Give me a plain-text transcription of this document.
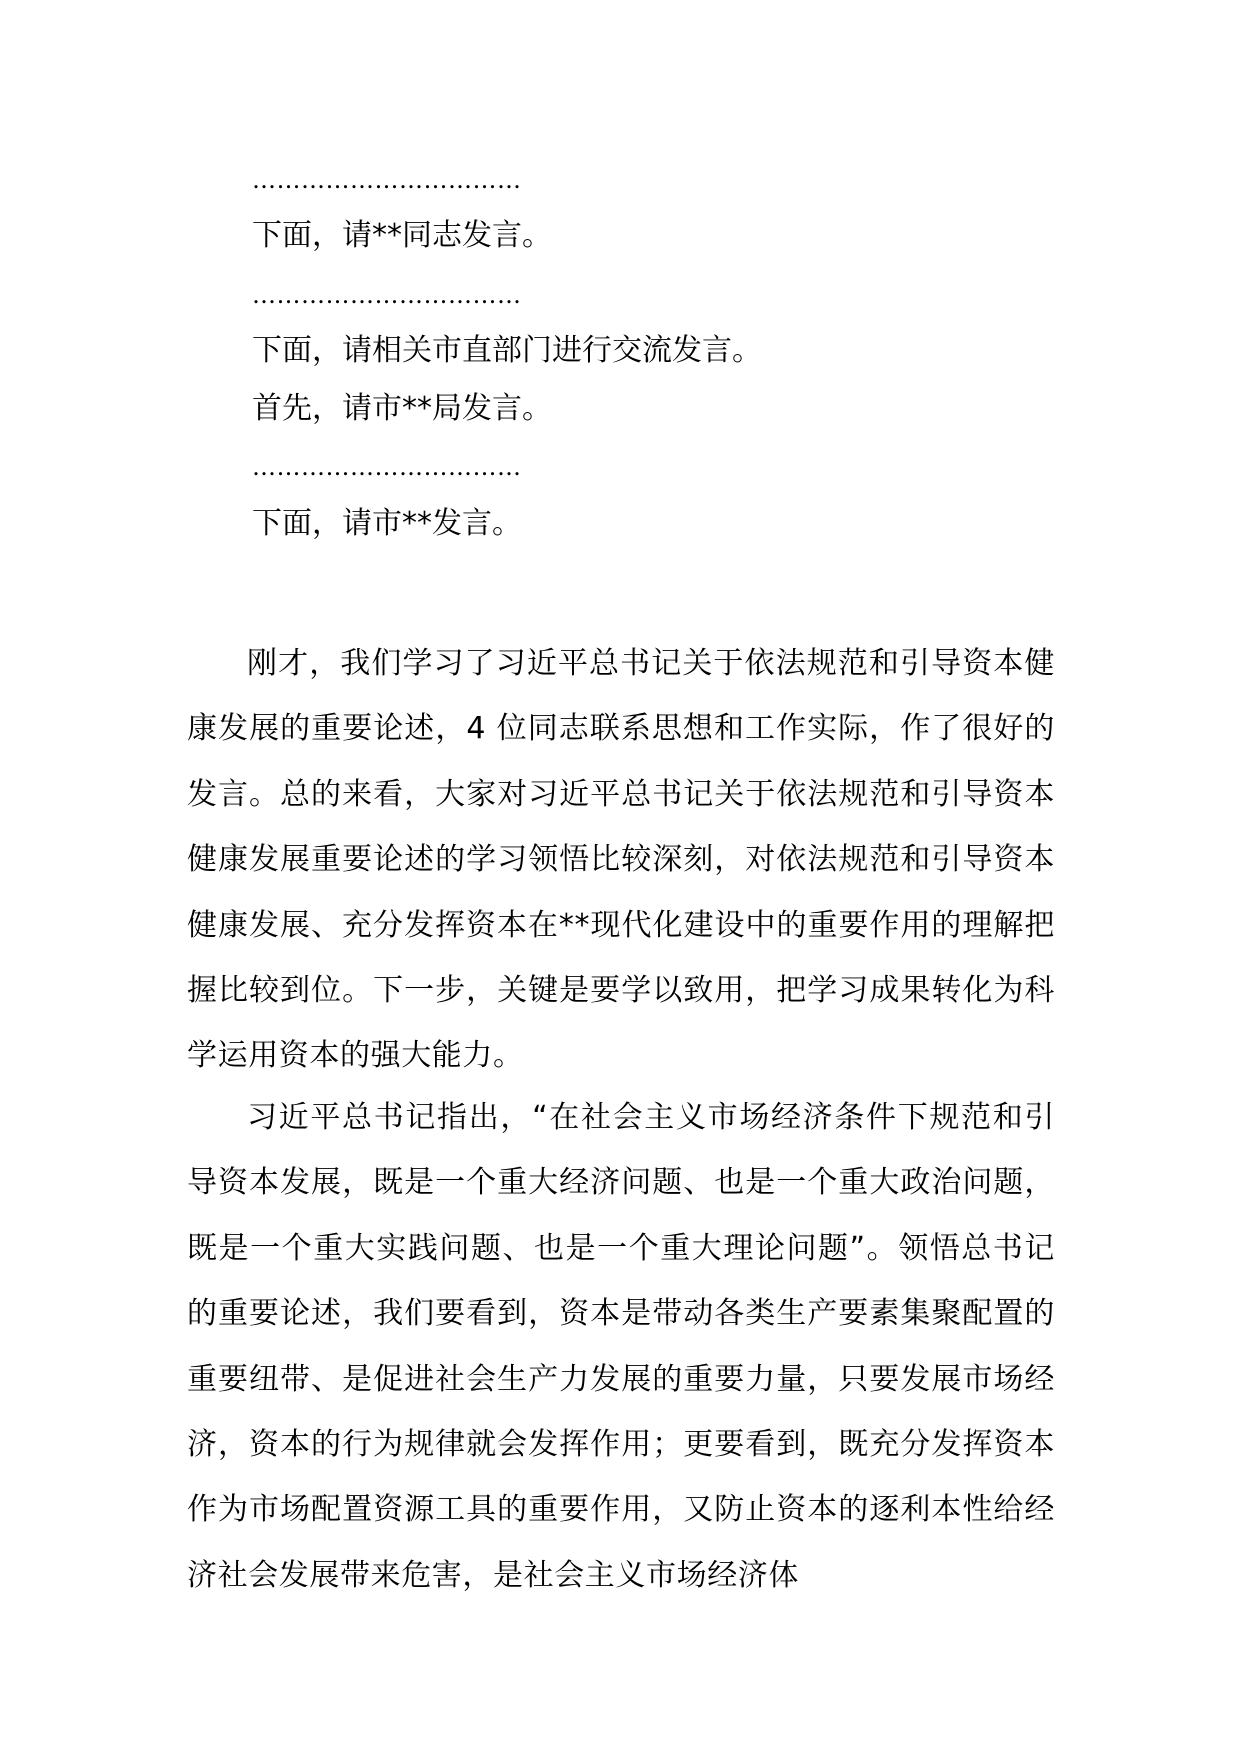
……………………………
下面，请**同志发言。
……………………………
下面，请相关市直部门进行交流发言。
首先，请市**局发言。
……………………………
下面，请市**发言。

刚才，我们学习了习近平总书记关于依法规范和引导资本健康发展的重要论述，4 位同志联系思想和工作实际，作了很好的发言。总的来看，大家对习近平总书记关于依法规范和引导资本健康发展重要论述的学习领悟比较深刻，对依法规范和引导资本健康发展、充分发挥资本在**现代化建设中的重要作用的理解把握比较到位。下一步，关键是要学以致用，把学习成果转化为科学运用资本的强大能力。

习近平总书记指出，“在社会主义市场经济条件下规范和引导资本发展，既是一个重大经济问题、也是一个重大政治问题，既是一个重大实践问题、也是一个重大理论问题”。领悟总书记的重要论述，我们要看到，资本是带动各类生产要素集聚配置的重要纽带、是促进社会生产力发展的重要力量，只要发展市场经济，资本的行为规律就会发挥作用；更要看到，既充分发挥资本作为市场配置资源工具的重要作用，又防止资本的逐利本性给经济社会发展带来危害，是社会主义市场经济体
